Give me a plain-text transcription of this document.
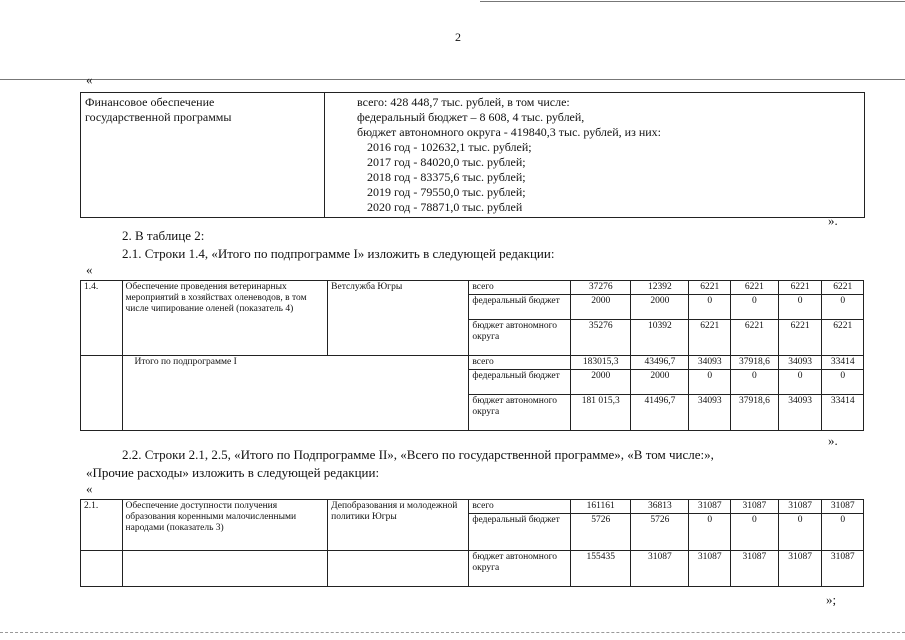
2
«
Финансовое обеспечение
государственной программы

всего: 428 448,7 тыс. рублей, в том числе:
федеральный бюджет – 8 608, 4 тыс. рублей,
бюджет автономного округа - 419840,3 тыс. рублей, из них:
2016 год - 102632,1 тыс. рублей;
2017 год - 84020,0 тыс. рублей;
2018 год - 83375,6 тыс. рублей;
2019 год - 79550,0 тыс. рублей;
2020 год - 78871,0 тыс. рублей
».
2. В таблице 2:
2.1. Строки 1.4, «Итого по подпрограмме I» изложить в следующей редакции:
«
1.4.	Обеспечение проведения ветеринарных мероприятий в хозяйствах оленеводов, в том числе чипирование оленей (показатель 4)	Ветслужба Югры	всего	37276	12392	6221	6221	6221	6221
			федеральный бюджет	2000	2000	0	0	0	0
			бюджет автономного округа	35276	10392	6221	6221	6221	6221
	Итого по подпрограмме I		всего	183015,3	43496,7	34093	37918,6	34093	33414
			федеральный бюджет	2000	2000	0	0	0	0
			бюджет автономного округа	181 015,3	41496,7	34093	37918,6	34093	33414
».
2.2. Строки 2.1, 2.5, «Итого по Подпрограмме II», «Всего по государственной программе», «В том числе:»,
«Прочие расходы» изложить в следующей редакции:
«
2.1.	Обеспечение доступности получения образования коренными малочисленными народами (показатель 3)	Депобразования и молодежной политики Югры	всего	161161	36813	31087	31087	31087	31087
			федеральный бюджет	5726	5726	0	0	0	0
			бюджет автономного округа	155435	31087	31087	31087	31087	31087
»;
